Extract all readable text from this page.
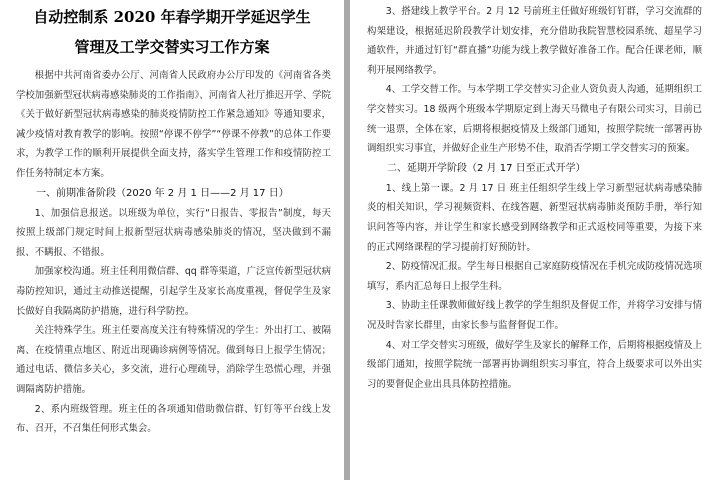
自动控制系 2020 年春学期开学延迟学生

管理及工学交替实习工作方案

根据中共河南省委办公厅、河南省人民政府办公厅印发的《河南省各类学校加强新型冠状病毒感染肺炎的工作指南》、河南省人社厅推迟开学、学院《关于做好新型冠状病毒感染的肺炎疫情防控工作紧急通知》等通知要求，减少疫情对教育教学的影响。按照“停课不停学”“停课不停教”的总体工作要求，为教学工作的顺利开展提供全面支持，落实学生管理工作和疫情防控工作任务特制定本方案。

一、前期准备阶段（2020 年 2 月 1 日——2 月 17 日）

1、加强信息报送。以班级为单位，实行“日报告、零报告”制度，每天按照上级部门规定时间上报新型冠状病毒感染肺炎的情况，坚决做到不漏报、不瞒报、不错报。

加强家校沟通。班主任利用微信群、qq 群等渠道，广泛宣传新型冠状病毒防控知识，通过主动推送提醒，引起学生及家长高度重视，督促学生及家长做好自我隔离防护措施，进行科学防控。

关注特殊学生。班主任要高度关注有特殊情况的学生：外出打工、被隔离、在疫情重点地区、附近出现确诊病例等情况。做到每日上报学生情况；通过电话、微信多关心，多交流，进行心理疏导，消除学生恐慌心理，并强调隔离防护措施。

2、系内班级管理。班主任的各项通知借助微信群、钉钉等平台线上发布、召开，不召集任何形式集会。

3、搭建线上教学平台。2 月 12 号前班主任做好班级钉钉群，学习交流群的构架建设，根据延迟阶段教学计划安排，充分借助我院智慧校园系统、超星学习通软件，并通过钉钉“群直播”功能为线上教学做好准备工作。配合任课老师，顺利开展网络教学。

4、工学交替工作。与本学期工学交替实习企业人资负责人沟通，延期组织工学交替实习。18 级两个班级本学期原定到上海天马微电子有限公司实习，目前已统一退票，全体在家，后期将根据疫情及上级部门通知，按照学院统一部署再协调组织实习事宜，并做好企业生产形势不佳，取消否学期工学交替实习的预案。

二、延期开学阶段（2 月 17 日至正式开学）

1、线上第一课。2 月 17 日 班主任组织学生线上学习新型冠状病毒感染肺炎的相关知识，学习视频资料、在线答题、新型冠状病毒肺炎预防手册，举行知识问答等内容，并让学生和家长感受到网络教学和正式返校同等重要，为接下来的正式网络课程的学习提前打好预防针。

2、防疫情况汇报。学生每日根据自己家庭防疫情况在手机完成防疫情况选项填写，系内汇总每日上报学生科。

3、协助主任课教师做好线上教学的学生组织及督促工作，并将学习安排与情况及时告家长群里，由家长参与监督督促工作。

4、对工学交替实习班级，做好学生及家长的解释工作，后期将根据疫情及上级部门通知，按照学院统一部署再协调组织实习事宜，符合上级要求可以外出实习的要督促企业出具具体防控措施。
